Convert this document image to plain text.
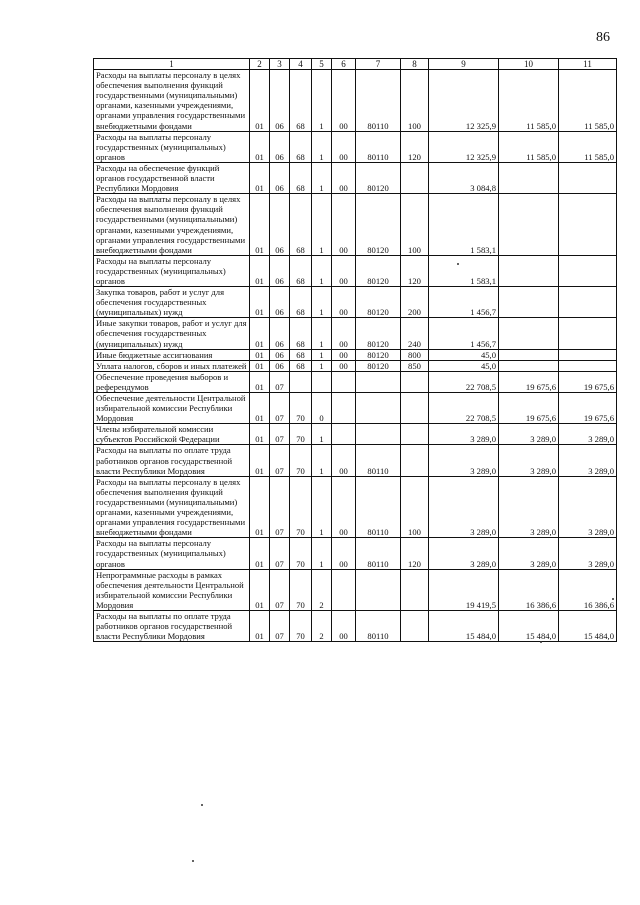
86
1	2	3	4	5	6	7	8	9	10	11
Расходы на выплаты персоналу в целях обеспечения выполнения функций государственными (муниципальными) органами, казенными учреждениями, органами управления государственными внебюджетными фондами	01	06	68	1	00	80110	100	12 325,9	11 585,0	11 585,0
Расходы на выплаты персоналу государственных (муниципальных) органов	01	06	68	1	00	80110	120	12 325,9	11 585,0	11 585,0
Расходы на обеспечение функций органов государственной власти Республики Мордовия	01	06	68	1	00	80120		3 084,8		
Расходы на выплаты персоналу в целях обеспечения выполнения функций государственными (муниципальными) органами, казенными учреждениями, органами управления государственными внебюджетными фондами	01	06	68	1	00	80120	100	1 583,1		
Расходы на выплаты персоналу государственных (муниципальных) органов	01	06	68	1	00	80120	120	1 583,1		
Закупка товаров, работ и услуг для обеспечения государственных (муниципальных) нужд	01	06	68	1	00	80120	200	1 456,7		
Иные закупки товаров, работ и услуг для обеспечения государственных (муниципальных) нужд	01	06	68	1	00	80120	240	1 456,7		
Иные бюджетные ассигнования	01	06	68	1	00	80120	800	45,0		
Уплата налогов, сборов и иных платежей	01	06	68	1	00	80120	850	45,0		
Обеспечение проведения выборов и референдумов	01	07						22 708,5	19 675,6	19 675,6
Обеспечение деятельности Центральной избирательной комиссии Республики Мордовия	01	07	70	0				22 708,5	19 675,6	19 675,6
Члены избирательной комиссии субъектов Российской Федерации	01	07	70	1				3 289,0	3 289,0	3 289,0
Расходы на выплаты по оплате труда работников органов государственной власти Республики Мордовия	01	07	70	1	00	80110		3 289,0	3 289,0	3 289,0
Расходы на выплаты персоналу в целях обеспечения выполнения функций государственными (муниципальными) органами, казенными учреждениями, органами управления государственными внебюджетными фондами	01	07	70	1	00	80110	100	3 289,0	3 289,0	3 289,0
Расходы на выплаты персоналу государственных (муниципальных) органов	01	07	70	1	00	80110	120	3 289,0	3 289,0	3 289,0
Непрограммные расходы в рамках обеспечения деятельности Центральной избирательной комиссии Республики Мордовия	01	07	70	2				19 419,5	16 386,6	16 386,6
Расходы на выплаты по оплате труда работников органов государственной власти Республики Мордовия	01	07	70	2	00	80110		15 484,0	15 484,0	15 484,0
